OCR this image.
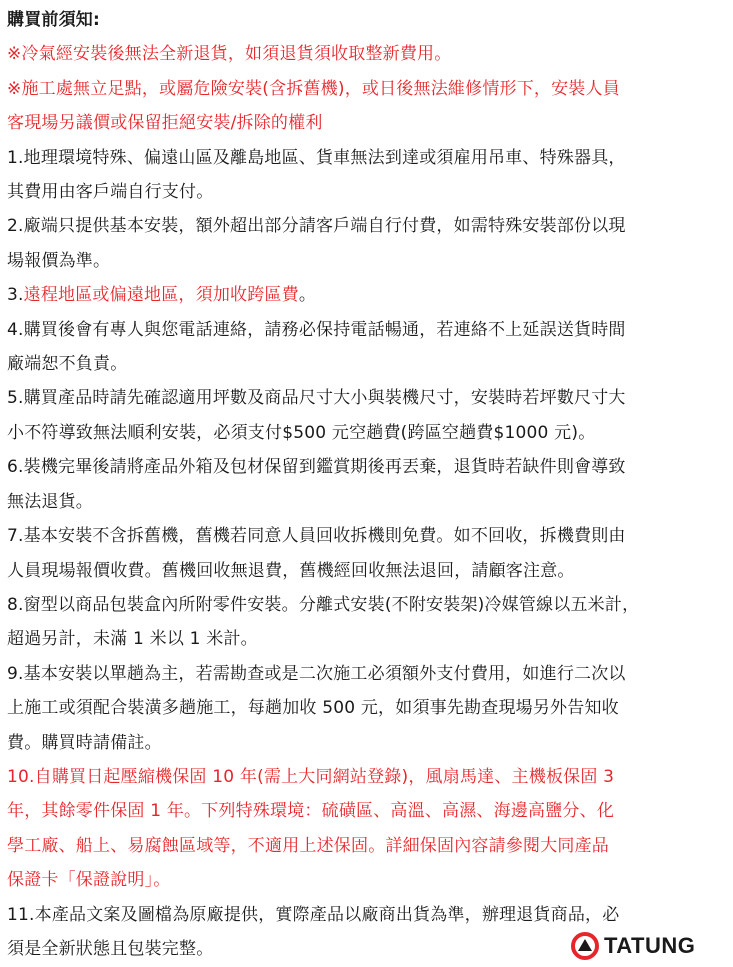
購買前須知:
※冷氣經安裝後無法全新退貨，如須退貨須收取整新費用。
※施工處無立足點，或屬危險安裝(含拆舊機)，或日後無法維修情形下，安裝人員
客現場另議價或保留拒絕安裝/拆除的權利
1.地理環境特殊、偏遠山區及離島地區、貨車無法到達或須雇用吊車、特殊器具，
其費用由客戶端自行支付。
2.廠端只提供基本安裝，額外超出部分請客戶端自行付費，如需特殊安裝部份以現
場報價為準。
3.遠程地區或偏遠地區，須加收跨區費。
4.購買後會有專人與您電話連絡，請務必保持電話暢通，若連絡不上延誤送貨時間
廠端恕不負責。
5.購買產品時請先確認適用坪數及商品尺寸大小與裝機尺寸，安裝時若坪數尺寸大
小不符導致無法順利安裝，必須支付$500 元空趟費(跨區空趟費$1000 元)。
6.裝機完畢後請將產品外箱及包材保留到鑑賞期後再丟棄，退貨時若缺件則會導致
無法退貨。
7.基本安裝不含拆舊機，舊機若同意人員回收拆機則免費。如不回收，拆機費則由
人員現場報價收費。舊機回收無退費，舊機經回收無法退回，請顧客注意。
8.窗型以商品包裝盒內所附零件安裝。分離式安裝(不附安裝架)冷媒管線以五米計，
超過另計，未滿 1 米以 1 米計。
9.基本安裝以單趟為主，若需勘查或是二次施工必須額外支付費用，如進行二次以
上施工或須配合裝潢多趟施工，每趟加收 500 元，如須事先勘查現場另外告知收
費。購買時請備註。
10.自購買日起壓縮機保固 10 年(需上大同網站登錄)，風扇馬達、主機板保固 3
年，其餘零件保固 1 年。下列特殊環境：硫磺區、高溫、高濕、海邊高鹽分、化
學工廠、船上、易腐蝕區域等，不適用上述保固。詳細保固內容請參閱大同產品
保證卡「保證說明」。
11.本產品文案及圖檔為原廠提供，實際產品以廠商出貨為準，辦理退貨商品，必
須是全新狀態且包裝完整。	TATUNG
